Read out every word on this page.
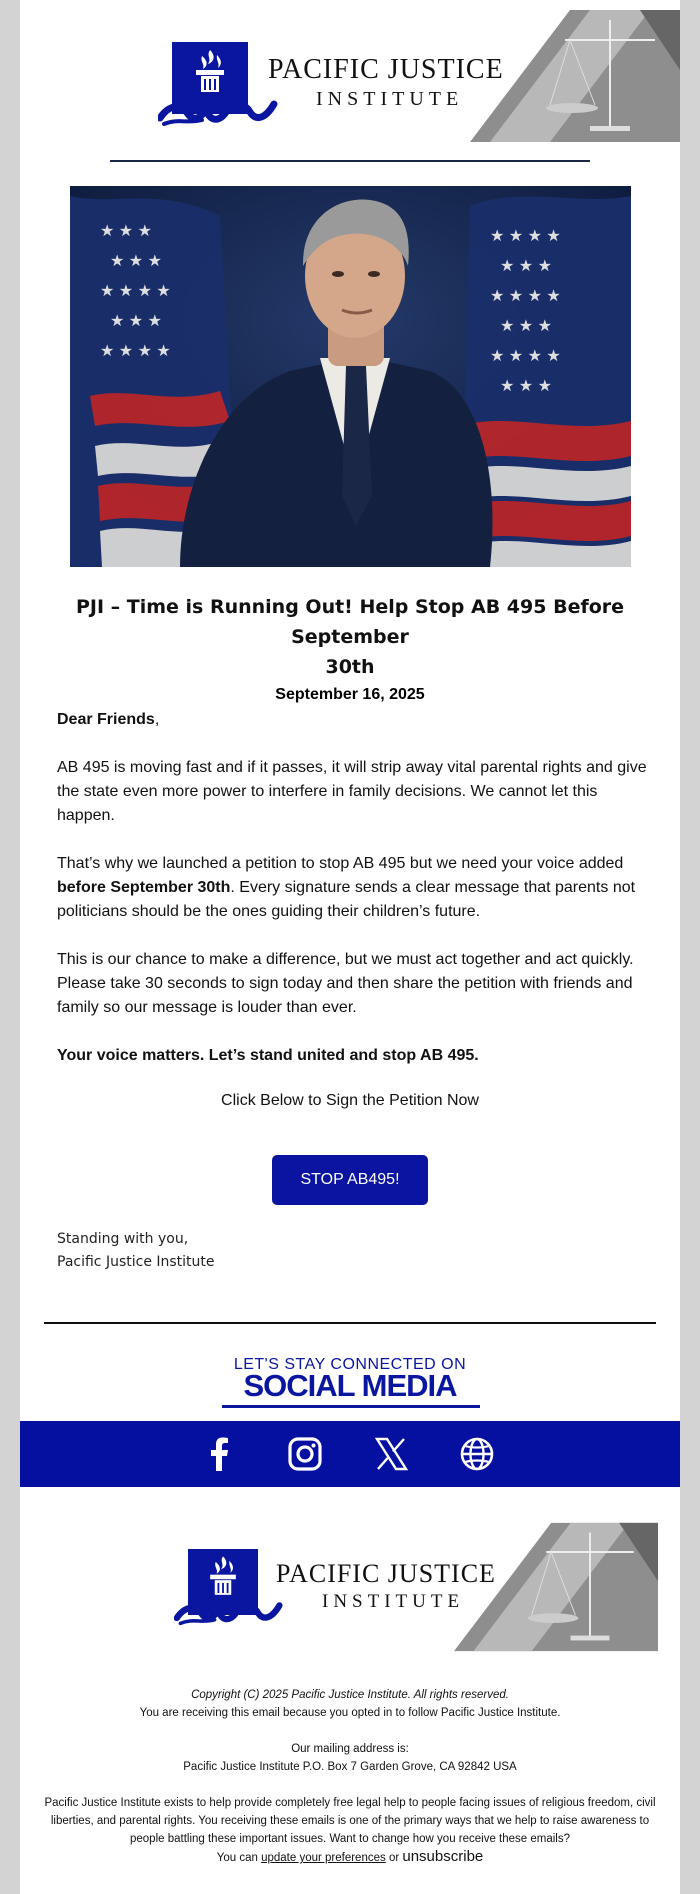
PACIFIC JUSTICE
INSTITUTE
★ ★ ★
★ ★ ★
★ ★ ★ ★
★ ★ ★
★ ★ ★ ★
★ ★ ★ ★
★ ★ ★
★ ★ ★ ★
★ ★ ★
★ ★ ★ ★
★ ★ ★
PJI – Time is Running Out! Help Stop AB 495 Before September
30th
September 16, 2025
Dear Friends,
AB 495 is moving fast and if it passes, it will strip away vital parental rights and give the state even more power to interfere in family decisions. We cannot let this happen.
That’s why we launched a petition to stop AB 495 but we need your voice added before September 30th. Every signature sends a clear message that parents not politicians should be the ones guiding their children’s future.
This is our chance to make a difference, but we must act together and act quickly. Please take 30 seconds to sign today and then share the petition with friends and family so our message is louder than ever.
Your voice matters. Let’s stand united and stop AB 495.
Click Below to Sign the Petition Now
STOP AB495!
Standing with you,
Pacific Justice Institute
LET'S STAY CONNECTED ON
SOCIAL MEDIA
PACIFIC JUSTICE
INSTITUTE
Copyright (C) 2025 Pacific Justice Institute. All rights reserved.
You are receiving this email because you opted in to follow Pacific Justice Institute.
Our mailing address is:
Pacific Justice Institute P.O. Box 7 Garden Grove, CA 92842 USA
Pacific Justice Institute exists to help provide completely free legal help to people facing issues of religious freedom, civil liberties, and parental rights. You receiving these emails is one of the primary ways that we help to raise awareness to people battling these important issues. Want to change how you receive these emails?
You can update your preferences or unsubscribe
